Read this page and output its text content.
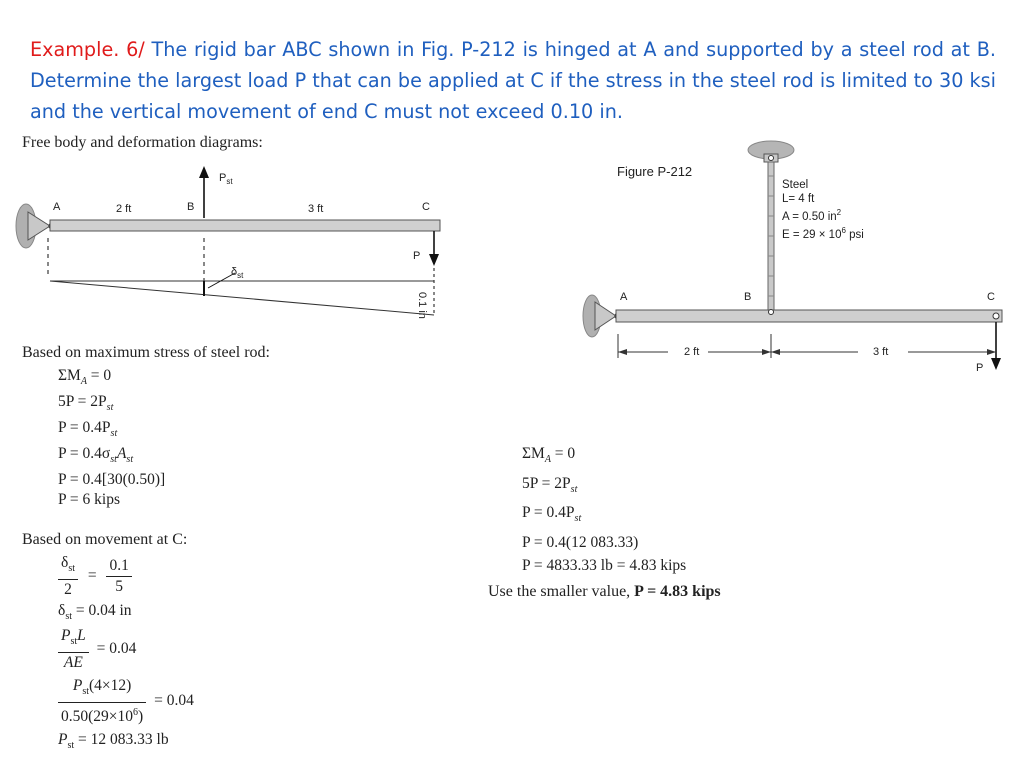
Example. 6/ The rigid bar ABC shown in Fig. P-212 is hinged at A and supported by a steel rod at B. Determine the largest load P that can be applied at C if the stress in the steel rod is limited to 30 ksi and the vertical movement of end C must not exceed 0.10 in.
Free body and deformation diagrams:
A	2 ft	B	3 ft	C
$P_{st}$
P
$\delta_{st}$
0.1 in
Figure P-212
Steel
L= 4 ft
A = 0.50 $in^2$
$E = 29 \times 10^6$ psi
A	B	C
2 ft	3 ft
P
Based on maximum stress of steel rod:
$\Sigma M_A = 0$
$5P = 2P_{st}$
$P = 0.4P_{st}$
$P = 0.4\sigma_{st}A_{st}$
P = 0.4[30(0.50)]
P = 6 kips
Based on movement at C:
$\frac{\delta_{st}}{2} = \frac{0.1}{5}$
$\delta_{st} = 0.04$ in
$\frac{P_{st}L}{AE} = 0.04$
$\frac{P_{st}(4\times 12)}{0.50(29\times 10^6)} = 0.04$
$P_{st} = 12$ 083.33 lb
$\Sigma M_A = 0$
$5P = 2P_{st}$
$P = 0.4P_{st}$
P = 0.4(12 083.33)
P = 4833.33 lb = 4.83 kips
Use the smaller value, P = 4.83 kips
